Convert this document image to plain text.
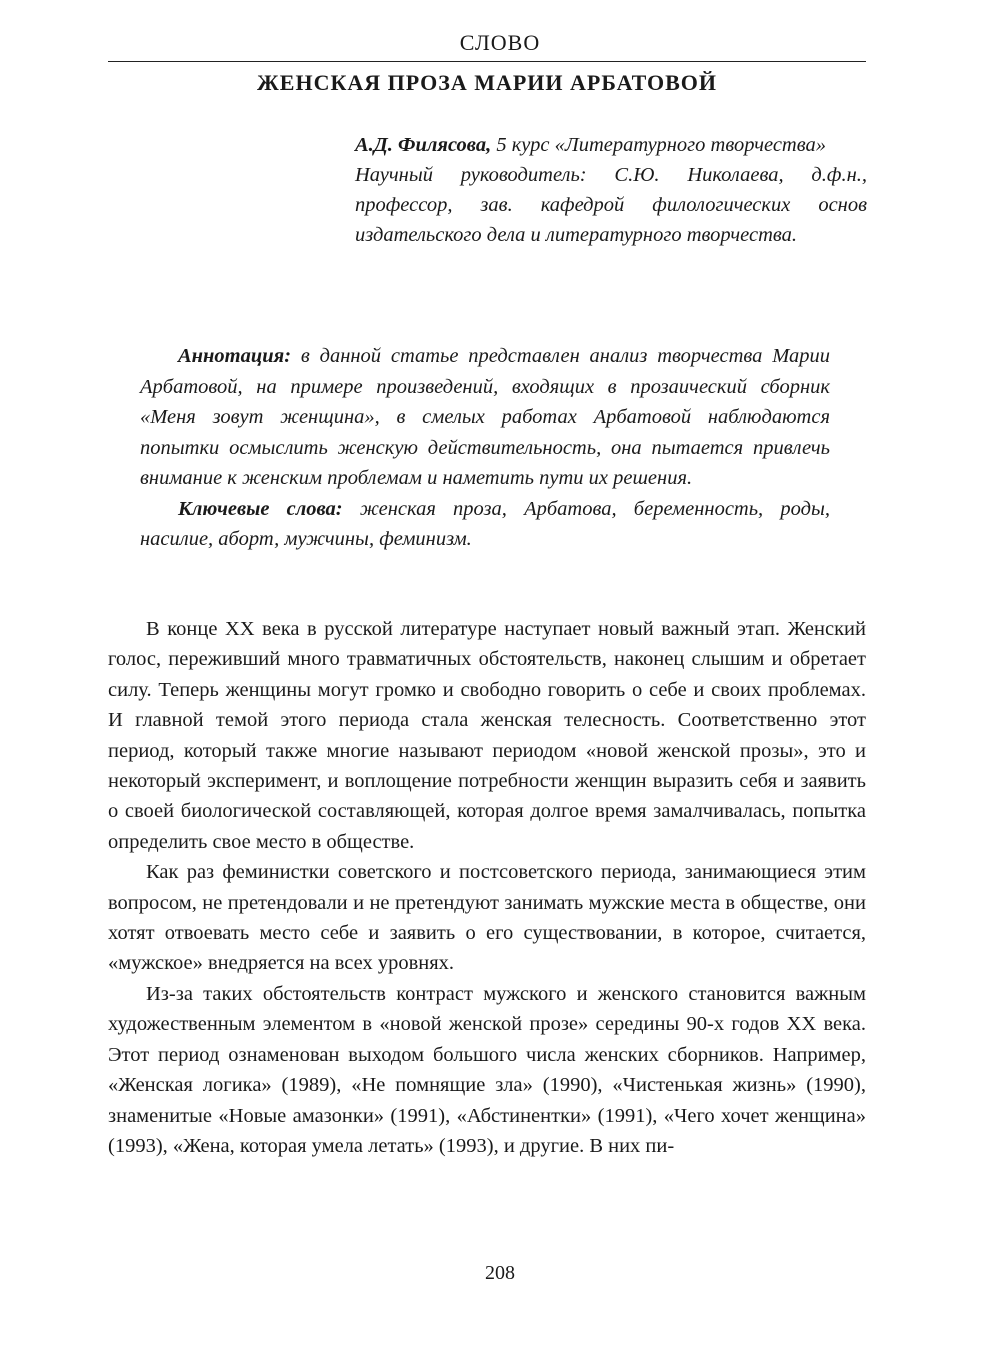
СЛОВО
ЖЕНСКАЯ ПРОЗА МАРИИ АРБАТОВОЙ

А.Д. Филясова, 5 курс «Литературного творчества»

Научный руководитель: С.Ю. Николаева, д.ф.н., профессор, зав. кафедрой филологических основ издательского дела и литературного творчества.

Аннотация: в данной статье представлен анализ творчества Марии Арбатовой, на примере произведений, входящих в прозаический сборник «Меня зовут женщина», в смелых работах Арбатовой наблюдаются попытки осмыслить женскую действительность, она пытается привлечь внимание к женским проблемам и наметить пути их решения.

Ключевые слова: женская проза, Арбатова, беременность, роды, насилие, аборт, мужчины, феминизм.

В конце XX века в русской литературе наступает новый важный этап. Женский голос, переживший много травматичных обстоятельств, наконец слышим и обретает силу. Теперь женщины могут громко и свободно говорить о себе и своих проблемах. И главной темой этого периода стала женская телесность. Соответственно этот период, который также многие называют периодом «новой женской прозы», это и некоторый эксперимент, и воплощение потребности женщин выразить себя и заявить о своей биологической составляющей, которая долгое время замалчивалась, попытка определить свое место в обществе.

Как раз феминистки советского и постсоветского периода, занимающиеся этим вопросом, не претендовали и не претендуют занимать мужские места в обществе, они хотят отвоевать место себе и заявить о его существовании, в которое, считается, «мужское» внедряется на всех уровнях.

Из-за таких обстоятельств контраст мужского и женского становится важным художественным элементом в «новой женской прозе» середины 90-х годов XX века. Этот период ознаменован выходом большого числа женских сборников. Например, «Женская логика» (1989), «Не помнящие зла» (1990), «Чистенькая жизнь» (1990), знаменитые «Новые амазонки» (1991), «Абстинентки» (1991), «Чего хочет женщина» (1993), «Жена, которая умела летать» (1993), и другие. В них пи-

208
